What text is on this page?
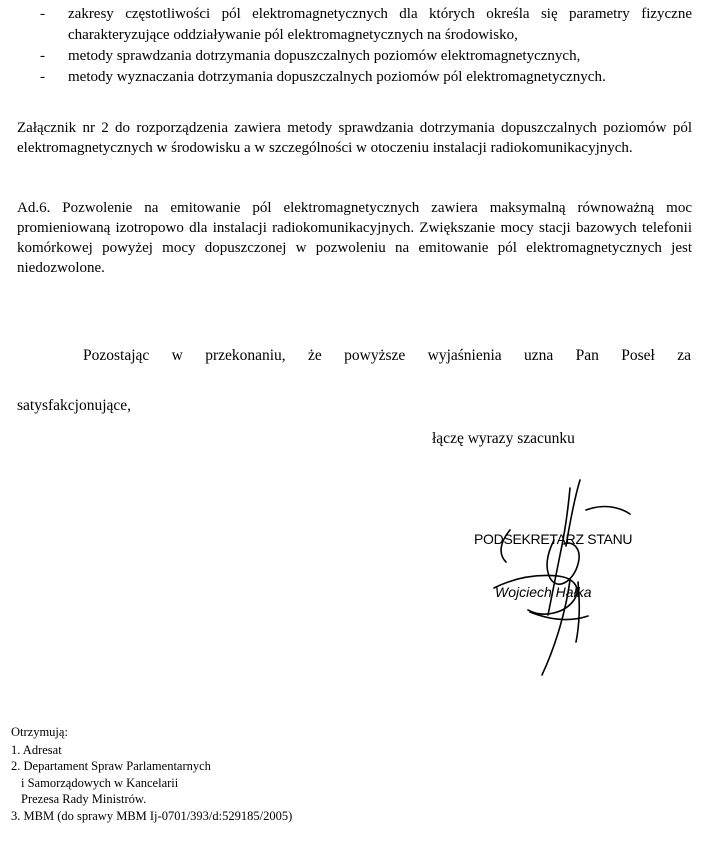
- zakresy częstotliwości pól elektromagnetycznych dla których określa się parametry fizyczne charakteryzujące oddziaływanie pól elektromagnetycznych na środowisko,
- metody sprawdzania dotrzymania dopuszczalnych poziomów elektromagnetycznych,
- metody wyznaczania dotrzymania dopuszczalnych poziomów pól elektromagnetycznych.
Załącznik nr 2 do rozporządzenia zawiera metody sprawdzania dotrzymania dopuszczalnych poziomów pól elektromagnetycznych w środowisku a w szczególności w otoczeniu instalacji radiokomunikacyjnych.
Ad.6. Pozwolenie na emitowanie pól elektromagnetycznych zawiera maksymalną równoważną moc promieniowaną izotropowo dla instalacji radiokomunikacyjnych. Zwiększanie mocy stacji bazowych telefonii komórkowej powyżej mocy dopuszczonej w pozwoleniu na emitowanie pól elektromagnetycznych jest niedozwolone.
Pozostając w przekonaniu, że powyższe wyjaśnienia uzna Pan Poseł za
satysfakcjonujące,
łączę wyrazy szacunku
PODSEKRETARZ STANU
Wojciech Hałka
Otrzymują:
1. Adresat
2. Departament Spraw Parlamentarnych
i Samorządowych w Kancelarii
Prezesa Rady Ministrów.
3. MBM (do sprawy MBM Ij-0701/393/d:529185/2005)
